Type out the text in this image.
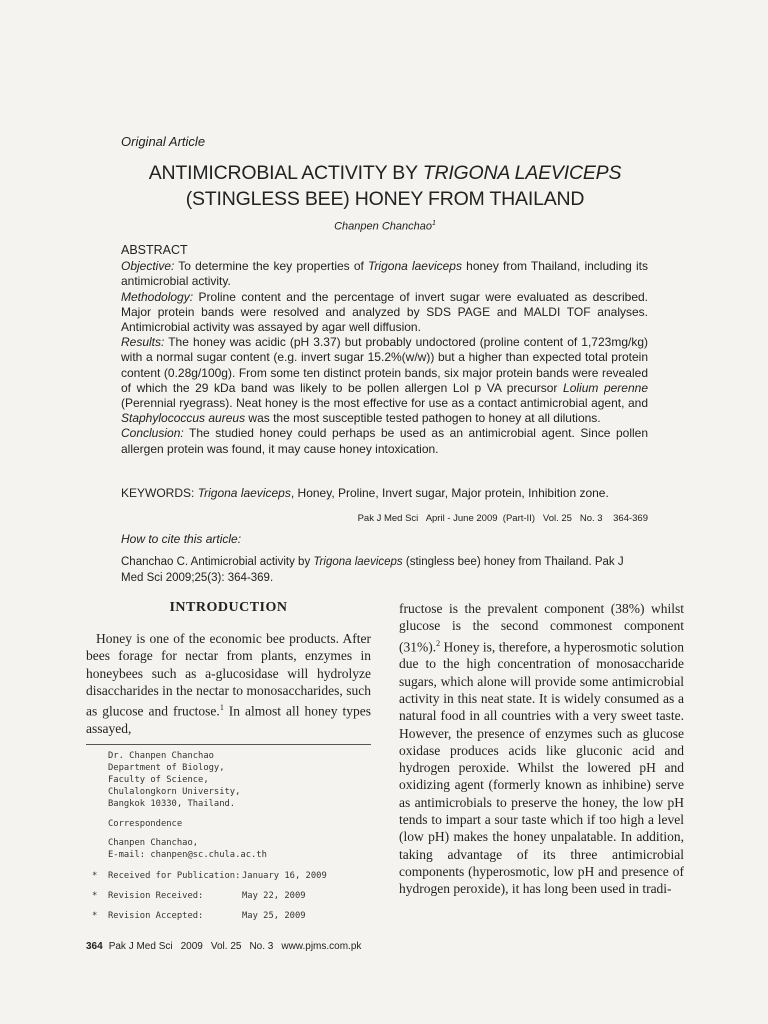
Original Article
ANTIMICROBIAL ACTIVITY BY TRIGONA LAEVICEPS
(STINGLESS BEE) HONEY FROM THAILAND
Chanpen Chanchao$^1$
ABSTRACT

Objective: To determine the key properties of Trigona laeviceps honey from Thailand, including its antimicrobial activity.

Methodology: Proline content and the percentage of invert sugar were evaluated as described. Major protein bands were resolved and analyzed by SDS PAGE and MALDI TOF analyses. Antimicrobial activity was assayed by agar well diffusion.

Results: The honey was acidic (pH 3.37) but probably undoctored (proline content of 1,723mg/kg) with a normal sugar content (e.g. invert sugar 15.2%(w/w)) but a higher than expected total protein content (0.28g/100g). From some ten distinct protein bands, six major protein bands were revealed of which the 29 kDa band was likely to be pollen allergen Lol p VA precursor Lolium perenne (Perennial ryegrass). Neat honey is the most effective for use as a contact antimicrobial agent, and Staphylococcus aureus was the most susceptible tested pathogen to honey at all dilutions.

Conclusion: The studied honey could perhaps be used as an antimicrobial agent. Since pollen allergen protein was found, it may cause honey intoxication.

KEYWORDS: Trigona laeviceps, Honey, Proline, Invert sugar, Major protein, Inhibition zone.
Pak J Med Sci   April - June 2009  (Part-II)   Vol. 25   No. 3    364-369
How to cite this article:
Chanchao C. Antimicrobial activity by Trigona laeviceps (stingless bee) honey from Thailand. Pak J Med Sci 2009;25(3): 364-369.
INTRODUCTION
Honey is one of the economic bee products. After bees forage for nectar from plants, enzymes in honeybees such as a-glucosidase will hydrolyze disaccharides in the nectar to monosaccharides, such as glucose and fructose.$^1$ In almost all honey types assayed,
fructose is the prevalent component (38%) whilst glucose is the second commonest component (31%).$^2$ Honey is, therefore, a hyperosmotic solution due to the high concentration of monosaccharide sugars, which alone will provide some antimicrobial activity in this neat state. It is widely consumed as a natural food in all countries with a very sweet taste. However, the presence of enzymes such as glucose oxidase produces acids like gluconic acid and hydrogen peroxide. Whilst the lowered pH and oxidizing agent (formerly known as inhibine) serve as antimicrobials to preserve the honey, the low pH tends to impart a sour taste which if too high a level (low pH) makes the honey unpalatable. In addition, taking advantage of its three antimicrobial components (hyperosmotic, low pH and presence of hydrogen peroxide), it has long been used in tradi-
Dr. Chanpen Chanchao
Department of Biology,
Faculty of Science,
Chulalongkorn University,
Bangkok 10330, Thailand.
Correspondence
Chanpen Chanchao,
E-mail: chanpen@sc.chula.ac.th
* Received for Publication: January 16, 2009
* Revision Received:	May 22, 2009
* Revision Accepted:	May 25, 2009
364 Pak J Med Sci 2009 Vol. 25 No. 3 www.pjms.com.pk
